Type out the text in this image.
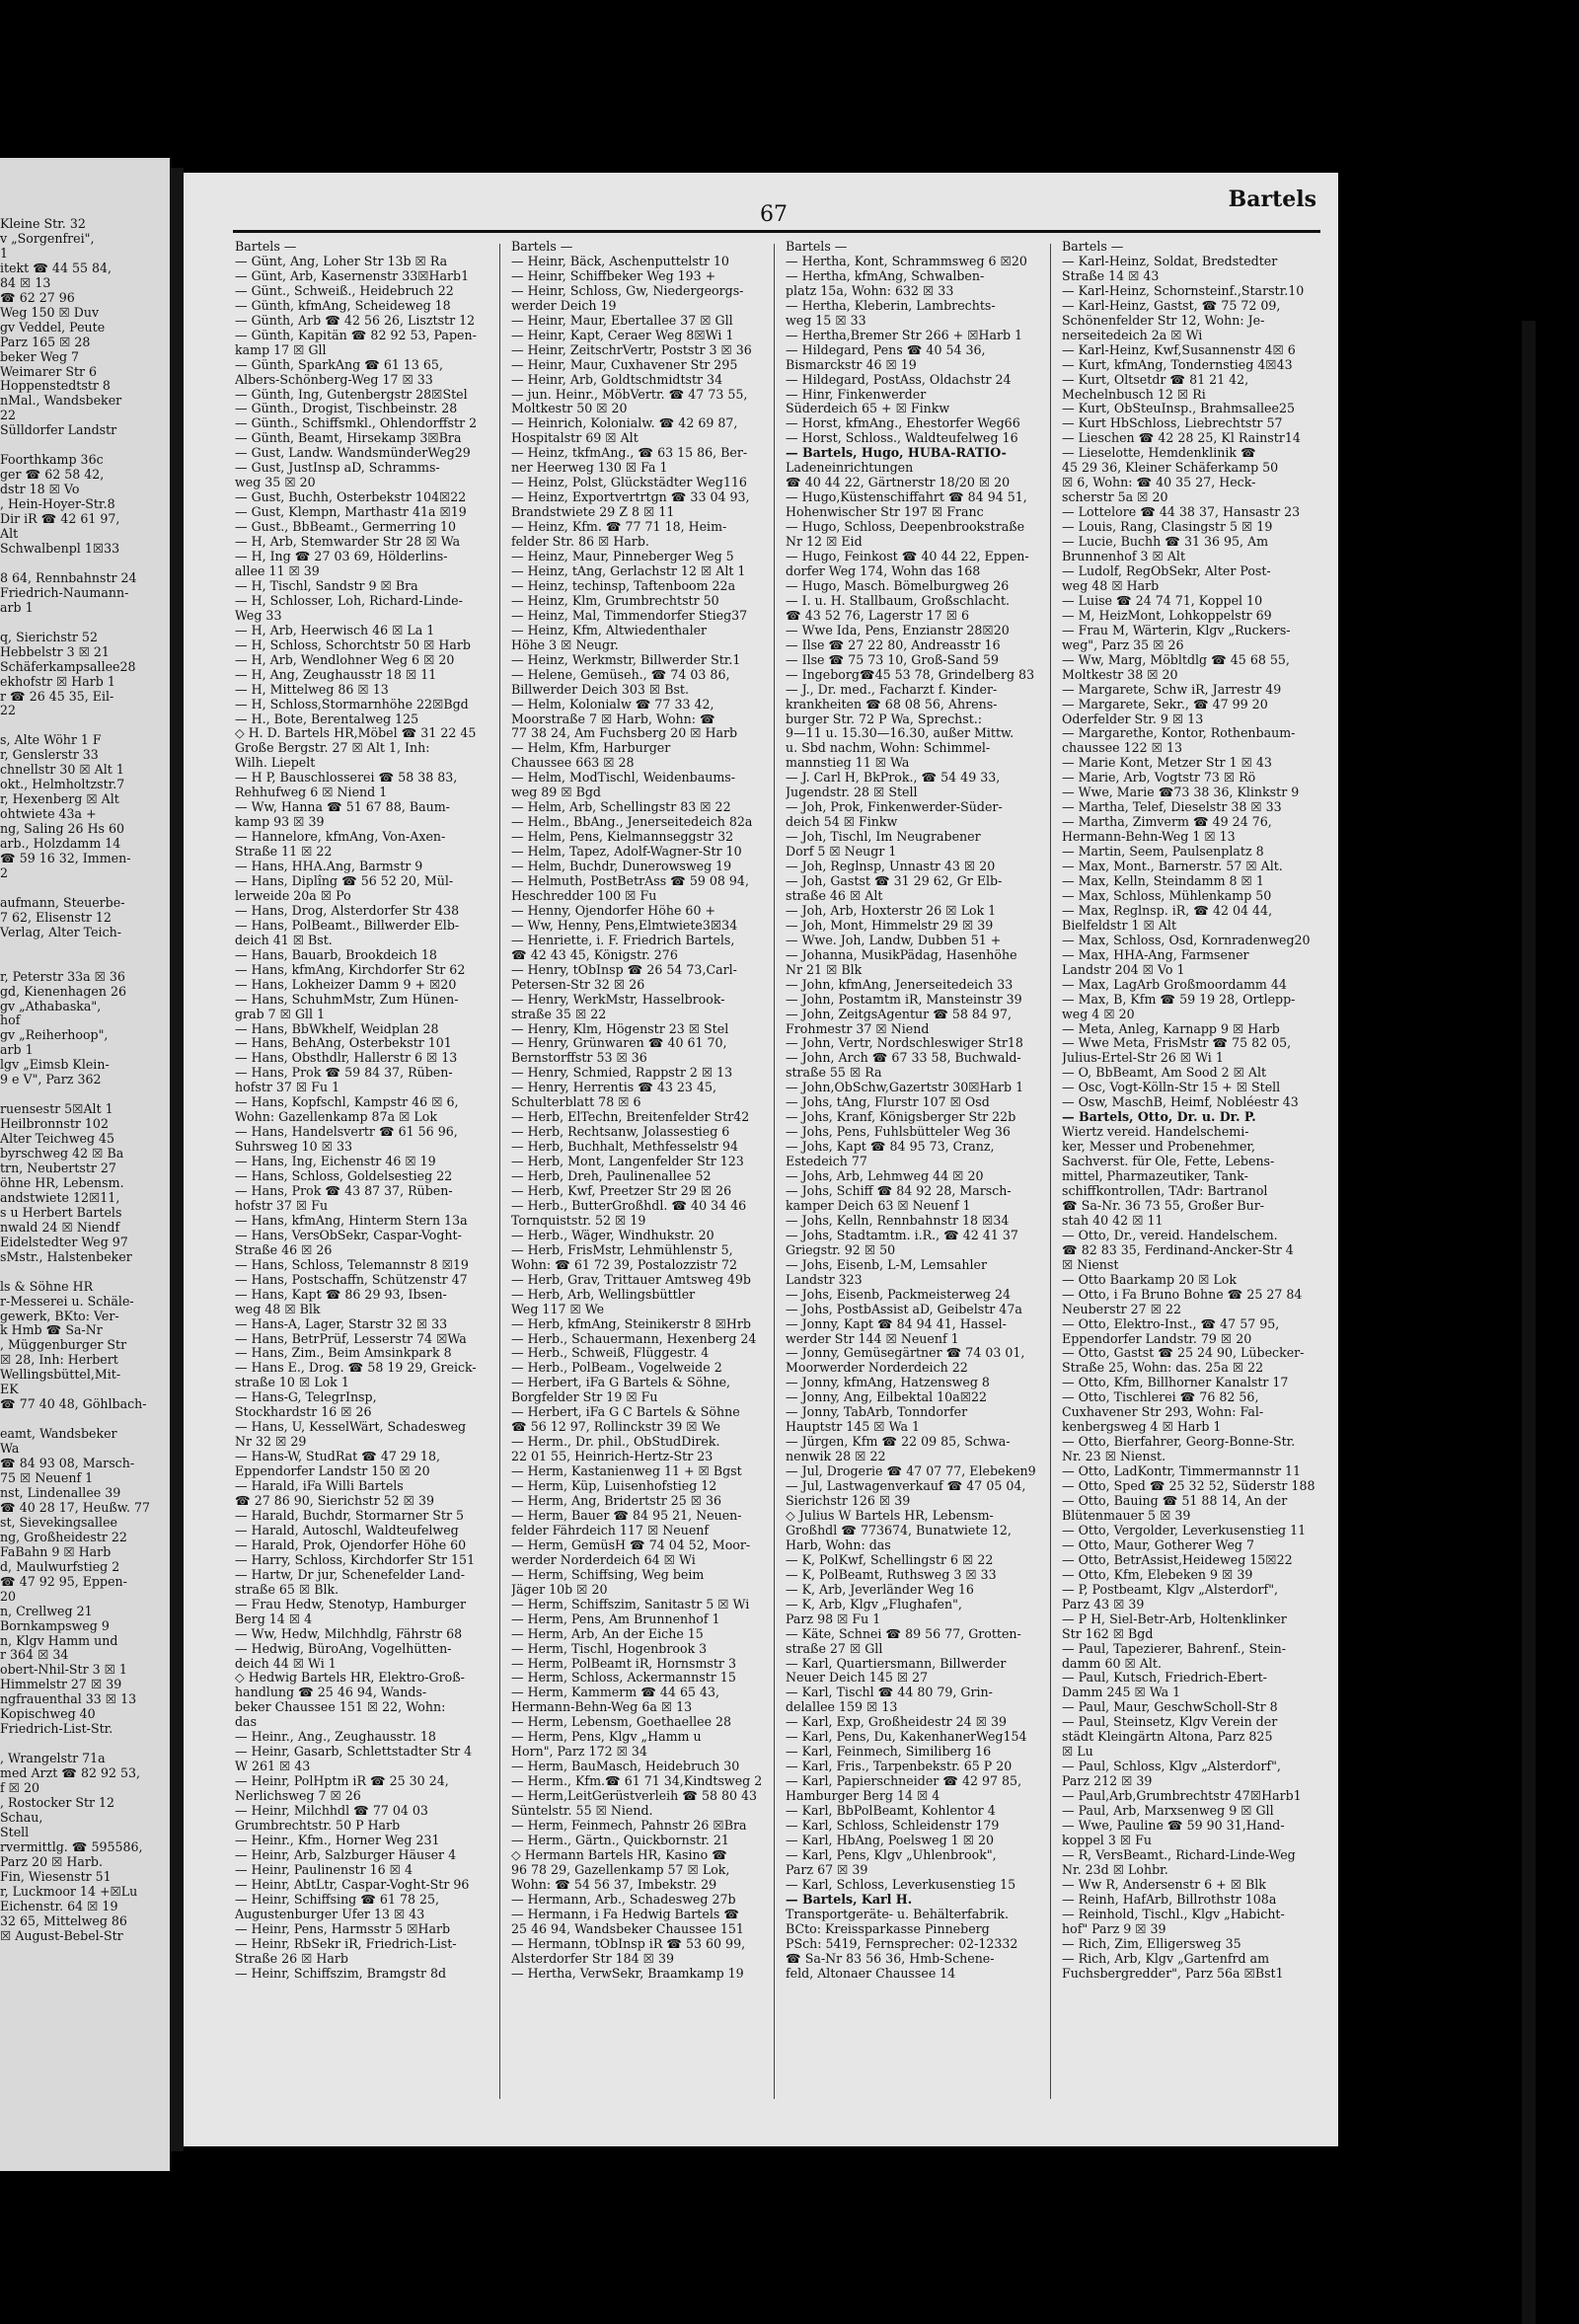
Kleine Str. 32
v „Sorgenfrei",
1
itekt ☎ 44 55 84,
84 ☒ 13
☎ 62 27 96
Weg 150 ☒ Duv
gv Veddel, Peute
Parz 165 ☒ 28
beker Weg 7
Weimarer Str 6
Hoppenstedtstr 8
nMal., Wandsbeker
22
Sülldorfer Landstr

Foorthkamp 36c
ger ☎ 62 58 42,
dstr 18 ☒ Vo
, Hein-Hoyer-Str.8
Dir iR ☎ 42 61 97,
Alt
Schwalbenpl 1☒33

8 64, Rennbahnstr 24
Friedrich-Naumann-
arb 1

q, Sierichstr 52
Hebbelstr 3 ☒ 21
Schäferkampsallee28
ekhofstr ☒ Harb 1
r ☎ 26 45 35, Eil-
22

s, Alte Wöhr 1 F
r, Genslerstr 33
chnellstr 30 ☒ Alt 1
okt., Helmholtzstr.7
r, Hexenberg ☒ Alt
ohtwiete 43a +
ng, Saling 26 Hs 60
arb., Holzdamm 14
☎ 59 16 32, Immen-
2

aufmann, Steuerbe-
7 62, Elisenstr 12
Verlag, Alter Teich-

r, Peterstr 33a ☒ 36
gd, Kienenhagen 26
gv „Athabaska",
hof
gv „Reiherhoop",
arb 1
lgv „Eimsb Klein-
9 e V", Parz 362

ruensestr 5☒Alt 1
Heilbronnstr 102
Alter Teichweg 45
byrschweg 42 ☒ Ba
trn, Neubertstr 27
öhne HR, Lebensm.
andstwiete 12☒11,
s u Herbert Bartels
nwald 24 ☒ Niendf
Eidelstedter Weg 97
sMstr., Halstenbeker

ls & Söhne HR
r-Messerei u. Schäle-
gewerk, BKto: Ver-
k Hmb ☎ Sa-Nr
, Müggenburger Str
☒ 28, Inh: Herbert
Wellingsbüttel,Mit-
EK
☎ 77 40 48, Göhlbach-

eamt, Wandsbeker
Wa
☎ 84 93 08, Marsch-
75 ☒ Neuenf 1
nst, Lindenallee 39
☎ 40 28 17, Heußw. 77
st, Sievekingsallee
ng, Großheidestr 22
FaBahn 9 ☒ Harb
d, Maulwurfstieg 2
☎ 47 92 95, Eppen-
20
n, Crellweg 21
Bornkampsweg 9
n, Klgv Hamm und
r 364 ☒ 34
obert-Nhil-Str 3 ☒ 1
Himmelstr 27 ☒ 39
ngfrauenthal 33 ☒ 13
Kopischweg 40
Friedrich-List-Str.

, Wrangelstr 71a
med Arzt ☎ 82 92 53,
f ☒ 20
, Rostocker Str 12
Schau,
Stell
rvermittlg. ☎ 595586,
Parz 20 ☒ Harb.
Fin, Wiesenstr 51
r, Luckmoor 14 +☒Lu
Eichenstr. 64 ☒ 19
32 65, Mittelweg 86
☒ August-Bebel-Str
67
Bartels
Bartels —
— Günt, Ang, Loher Str 13b ☒ Ra
— Günt, Arb, Kasernenstr 33☒Harb1
— Günt., Schweiß., Heidebruch 22
— Günth, kfmAng, Scheideweg 18
— Günth, Arb ☎ 42 56 26, Lisztstr 12
— Günth, Kapitän ☎ 82 92 53, Papen-
kamp 17 ☒ Gll
— Günth, SparkAng ☎ 61 13 65,
Albers-Schönberg-Weg 17 ☒ 33
— Günth, Ing, Gutenbergstr 28☒Stel
— Günth., Drogist, Tischbeinstr. 28
— Günth., Schiffsmkl., Ohlendorffstr 2
— Günth, Beamt, Hirsekamp 3☒Bra
— Gust, Landw. WandsmünderWeg29
— Gust, JustInsp aD, Schramms-
weg 35 ☒ 20
— Gust, Buchh, Osterbekstr 104☒22
— Gust, Klempn, Marthastr 41a ☒19
— Gust., BbBeamt., Germerring 10
— H, Arb, Stemwarder Str 28 ☒ Wa
— H, Ing ☎ 27 03 69, Hölderlins-
allee 11 ☒ 39
— H, Tischl, Sandstr 9 ☒ Bra
— H, Schlosser, Loh, Richard-Linde-
Weg 33
— H, Arb, Heerwisch 46 ☒ La 1
— H, Schloss, Schorchtstr 50 ☒ Harb
— H, Arb, Wendlohner Weg 6 ☒ 20
— H, Ang, Zeughausstr 18 ☒ 11
— H, Mittelweg 86 ☒ 13
— H, Schloss,Stormarnhöhe 22☒Bgd
— H., Bote, Berentalweg 125
◇ H. D. Bartels HR,Möbel ☎ 31 22 45
Große Bergstr. 27 ☒ Alt 1, Inh:
Wilh. Liepelt
— H P, Bauschlosserei ☎ 58 38 83,
Rehhufweg 6 ☒ Niend 1
— Ww, Hanna ☎ 51 67 88, Baum-
kamp 93 ☒ 39
— Hannelore, kfmAng, Von-Axen-
Straße 11 ☒ 22
— Hans, HHA.Ang, Barmstr 9
— Hans, Diplîng ☎ 56 52 20, Mül-
lerweide 20a ☒ Po
— Hans, Drog, Alsterdorfer Str 438
— Hans, PolBeamt., Billwerder Elb-
deich 41 ☒ Bst.
— Hans, Bauarb, Brookdeich 18
— Hans, kfmAng, Kirchdorfer Str 62
— Hans, Lokheizer Damm 9 + ☒20
— Hans, SchuhmMstr, Zum Hünen-
grab 7 ☒ Gll 1
— Hans, BbWkhelf, Weidplan 28
— Hans, BehAng, Osterbekstr 101
— Hans, Obsthdlr, Hallerstr 6 ☒ 13
— Hans, Prok ☎ 59 84 37, Rüben-
hofstr 37 ☒ Fu 1
— Hans, Kopfschl, Kampstr 46 ☒ 6,
Wohn: Gazellenkamp 87a ☒ Lok
— Hans, Handelsvertr ☎ 61 56 96,
Suhrsweg 10 ☒ 33
— Hans, Ing, Eichenstr 46 ☒ 19
— Hans, Schloss, Goldelsestieg 22
— Hans, Prok ☎ 43 87 37, Rüben-
hofstr 37 ☒ Fu
— Hans, kfmAng, Hinterm Stern 13a
— Hans, VersObSekr, Caspar-Voght-
Straße 46 ☒ 26
— Hans, Schloss, Telemannstr 8 ☒19
— Hans, Postschaffn, Schützenstr 47
— Hans, Kapt ☎ 86 29 93, Ibsen-
weg 48 ☒ Blk
— Hans-A, Lager, Starstr 32 ☒ 33
— Hans, BetrPrüf, Lesserstr 74 ☒Wa
— Hans, Zim., Beim Amsinkpark 8
— Hans E., Drog. ☎ 58 19 29, Greick-
straße 10 ☒ Lok 1
— Hans-G, TelegrInsp,
Stockhardstr 16 ☒ 26
— Hans, U, KesselWärt, Schadesweg
Nr 32 ☒ 29
— Hans-W, StudRat ☎ 47 29 18,
Eppendorfer Landstr 150 ☒ 20
— Harald, iFa Willi Bartels
☎ 27 86 90, Sierichstr 52 ☒ 39
— Harald, Buchdr, Stormarner Str 5
— Harald, Autoschl, Waldteufelweg
— Harald, Prok, Ojendorfer Höhe 60
— Harry, Schloss, Kirchdorfer Str 151
— Hartw, Dr jur, Schenefelder Land-
straße 65 ☒ Blk.
— Frau Hedw, Stenotyp, Hamburger
Berg 14 ☒ 4
— Ww, Hedw, Milchhdlg, Fährstr 68
— Hedwig, BüroAng, Vogelhütten-
deich 44 ☒ Wi 1
◇ Hedwig Bartels HR, Elektro-Groß-
handlung ☎ 25 46 94, Wands-
beker Chaussee 151 ☒ 22, Wohn:
das
— Heinr., Ang., Zeughausstr. 18
— Heinr, Gasarb, Schlettstadter Str 4
W 261 ☒ 43
— Heinr, PolHptm iR ☎ 25 30 24,
Nerlichsweg 7 ☒ 26
— Heinr, Milchhdl ☎ 77 04 03
Grumbrechtstr. 50 P Harb
— Heinr., Kfm., Horner Weg 231
— Heinr, Arb, Salzburger Häuser 4
— Heinr, Paulinenstr 16 ☒ 4
— Heinr, AbtLtr, Caspar-Voght-Str 96
— Heinr, Schiffsing ☎ 61 78 25,
Augustenburger Ufer 13 ☒ 43
— Heinr, Pens, Harmsstr 5 ☒Harb
— Heinr, RbSekr iR, Friedrich-List-
Straße 26 ☒ Harb
— Heinr, Schiffszim, Bramgstr 8d
Bartels —
— Heinr, Bäck, Aschenputtelstr 10
— Heinr, Schiffbeker Weg 193 +
— Heinr, Schloss, Gw, Niedergeorgs-
werder Deich 19
— Heinr, Maur, Ebertallee 37 ☒ Gll
— Heinr, Kapt, Ceraer Weg 8☒Wi 1
— Heinr, ZeitschrVertr, Poststr 3 ☒ 36
— Heinr, Maur, Cuxhavener Str 295
— Heinr, Arb, Goldtschmidtstr 34
— jun. Heinr., MöbVertr. ☎ 47 73 55,
Moltkestr 50 ☒ 20
— Heinrich, Kolonialw. ☎ 42 69 87,
Hospitalstr 69 ☒ Alt
— Heinz, tkfmAng., ☎ 63 15 86, Ber-
ner Heerweg 130 ☒ Fa 1
— Heinz, Polst, Glückstädter Weg116
— Heinz, Exportvertrtgn ☎ 33 04 93,
Brandstwiete 29 Z 8 ☒ 11
— Heinz, Kfm. ☎ 77 71 18, Heim-
felder Str. 86 ☒ Harb.
— Heinz, Maur, Pinneberger Weg 5
— Heinz, tAng, Gerlachstr 12 ☒ Alt 1
— Heinz, techinsp, Taftenboom 22a
— Heinz, Klm, Grumbrechtstr 50
— Heinz, Mal, Timmendorfer Stieg37
— Heinz, Kfm, Altwiedenthaler
Höhe 3 ☒ Neugr.
— Heinz, Werkmstr, Billwerder Str.1
— Helene, Gemüseh., ☎ 74 03 86,
Billwerder Deich 303 ☒ Bst.
— Helm, Kolonialw ☎ 77 33 42,
Moorstraße 7 ☒ Harb, Wohn: ☎
77 38 24, Am Fuchsberg 20 ☒ Harb
— Helm, Kfm, Harburger
Chaussee 663 ☒ 28
— Helm, ModTischl, Weidenbaums-
weg 89 ☒ Bgd
— Helm, Arb, Schellingstr 83 ☒ 22
— Helm., BbAng., Jenerseitedeich 82a
— Helm, Pens, Kielmannseggstr 32
— Helm, Tapez, Adolf-Wagner-Str 10
— Helm, Buchdr, Dunerowsweg 19
— Helmuth, PostBetrAss ☎ 59 08 94,
Heschredder 100 ☒ Fu
— Henny, Ojendorfer Höhe 60 +
— Ww, Henny, Pens,Elmtwiete3☒34
— Henriette, i. F. Friedrich Bartels,
☎ 42 43 45, Königstr. 276
— Henry, tObInsp ☎ 26 54 73,Carl-
Petersen-Str 32 ☒ 26
— Henry, WerkMstr, Hasselbrook-
straße 35 ☒ 22
— Henry, Klm, Högenstr 23 ☒ Stel
— Henry, Grünwaren ☎ 40 61 70,
Bernstorffstr 53 ☒ 36
— Henry, Schmied, Rappstr 2 ☒ 13
— Henry, Herrentis ☎ 43 23 45,
Schulterblatt 78 ☒ 6
— Herb, ElTechn, Breitenfelder Str42
— Herb, Rechtsanw, Jolassestieg 6
— Herb, Buchhalt, Methfesselstr 94
— Herb, Mont, Langenfelder Str 123
— Herb, Dreh, Paulinenallee 52
— Herb, Kwf, Preetzer Str 29 ☒ 26
— Herb., ButterGroßhdl. ☎ 40 34 46
Tornquiststr. 52 ☒ 19
— Herb., Wäger, Windhukstr. 20
— Herb, FrisMstr, Lehmühlenstr 5,
Wohn: ☎ 61 72 39, Postalozzistr 72
— Herb, Grav, Trittauer Amtsweg 49b
— Herb, Arb, Wellingsbüttler
Weg 117 ☒ We
— Herb, kfmAng, Steinikerstr 8 ☒Hrb
— Herb., Schauermann, Hexenberg 24
— Herb., Schweiß, Flüggestr. 4
— Herb., PolBeam., Vogelweide 2
— Herbert, iFa G Bartels & Söhne,
Borgfelder Str 19 ☒ Fu
— Herbert, iFa G C Bartels & Söhne
☎ 56 12 97, Rollinckstr 39 ☒ We
— Herm., Dr. phil., ObStudDirek.
22 01 55, Heinrich-Hertz-Str 23
— Herm, Kastanienweg 11 + ☒ Bgst
— Herm, Küp, Luisenhofstieg 12
— Herm, Ang, Bridertstr 25 ☒ 36
— Herm, Bauer ☎ 84 95 21, Neuen-
felder Fährdeich 117 ☒ Neuenf
— Herm, GemüsH ☎ 74 04 52, Moor-
werder Norderdeich 64 ☒ Wi
— Herm, Schiffsing, Weg beim
Jäger 10b ☒ 20
— Herm, Schiffszim, Sanitastr 5 ☒ Wi
— Herm, Pens, Am Brunnenhof 1
— Herm, Arb, An der Eiche 15
— Herm, Tischl, Hogenbrook 3
— Herm, PolBeamt iR, Hornsmstr 3
— Herm, Schloss, Ackermannstr 15
— Herm, Kammerm ☎ 44 65 43,
Hermann-Behn-Weg 6a ☒ 13
— Herm, Lebensm, Goethaellee 28
— Herm, Pens, Klgv „Hamm u
Horn", Parz 172 ☒ 34
— Herm, BauMasch, Heidebruch 30
— Herm., Kfm.☎ 61 71 34,Kindtsweg 2
— Herm,LeitGerüstverleih ☎ 58 80 43
Süntelstr. 55 ☒ Niend.
— Herm, Feinmech, Pahnstr 26 ☒Bra
— Herm., Gärtn., Quickbornstr. 21
◇ Hermann Bartels HR, Kasino ☎
96 78 29, Gazellenkamp 57 ☒ Lok,
Wohn: ☎ 54 56 37, Imbekstr. 29
— Hermann, Arb., Schadesweg 27b
— Hermann, i Fa Hedwig Bartels ☎
25 46 94, Wandsbeker Chaussee 151
— Hermann, tObInsp iR ☎ 53 60 99,
Alsterdorfer Str 184 ☒ 39
— Hertha, VerwSekr, Braamkamp 19
Bartels —
— Hertha, Kont, Schrammsweg 6 ☒20
— Hertha, kfmAng, Schwalben-
platz 15a, Wohn: 632 ☒ 33
— Hertha, Kleberin, Lambrechts-
weg 15 ☒ 33
— Hertha,Bremer Str 266 + ☒Harb 1
— Hildegard, Pens ☎ 40 54 36,
Bismarckstr 46 ☒ 19
— Hildegard, PostAss, Oldachstr 24
— Hinr, Finkenwerder
Süderdeich 65 + ☒ Finkw
— Horst, kfmAng., Ehestorfer Weg66
— Horst, Schloss., Waldteufelweg 16
— Bartels, Hugo, HUBA-RATIO-
Ladeneinrichtungen
☎ 40 44 22, Gärtnerstr 18/20 ☒ 20
— Hugo,Küstenschiffahrt ☎ 84 94 51,
Hohenwischer Str 197 ☒ Franc
— Hugo, Schloss, Deepenbrookstraße
Nr 12 ☒ Eid
— Hugo, Feinkost ☎ 40 44 22, Eppen-
dorfer Weg 174, Wohn das 168
— Hugo, Masch. Bömelburgweg 26
— I. u. H. Stallbaum, Großschlacht.
☎ 43 52 76, Lagerstr 17 ☒ 6
— Wwe Ida, Pens, Enzianstr 28☒20
— Ilse ☎ 27 22 80, Andreasstr 16
— Ilse ☎ 75 73 10, Groß-Sand 59
— Ingeborg☎45 53 78, Grindelberg 83
— J., Dr. med., Facharzt f. Kinder-
krankheiten ☎ 68 08 56, Ahrens-
burger Str. 72 P Wa, Sprechst.:
9—11 u. 15.30—16.30, außer Mittw.
u. Sbd nachm, Wohn: Schimmel-
mannstieg 11 ☒ Wa
— J. Carl H, BkProk., ☎ 54 49 33,
Jugendstr. 28 ☒ Stell
— Joh, Prok, Finkenwerder-Süder-
deich 54 ☒ Finkw
— Joh, Tischl, Im Neugrabener
Dorf 5 ☒ Neugr 1
— Joh, Reglnsp, Unnastr 43 ☒ 20
— Joh, Gastst ☎ 31 29 62, Gr Elb-
straße 46 ☒ Alt
— Joh, Arb, Hoxterstr 26 ☒ Lok 1
— Joh, Mont, Himmelstr 29 ☒ 39
— Wwe. Joh, Landw, Dubben 51 +
— Johanna, MusikPädag, Hasenhöhe
Nr 21 ☒ Blk
— John, kfmAng, Jenerseitedeich 33
— John, Postamtm iR, Mansteinstr 39
— John, ZeitgsAgentur ☎ 58 84 97,
Frohmestr 37 ☒ Niend
— John, Vertr, Nordschleswiger Str18
— John, Arch ☎ 67 33 58, Buchwald-
straße 55 ☒ Ra
— John,ObSchw,Gazertstr 30☒Harb 1
— Johs, tAng, Flurstr 107 ☒ Osd
— Johs, Kranf, Königsberger Str 22b
— Johs, Pens, Fuhlsbütteler Weg 36
— Johs, Kapt ☎ 84 95 73, Cranz,
Estedeich 77
— Johs, Arb, Lehmweg 44 ☒ 20
— Johs, Schiff ☎ 84 92 28, Marsch-
kamper Deich 63 ☒ Neuenf 1
— Johs, Kelln, Rennbahnstr 18 ☒34
— Johs, Stadtamtm. i.R., ☎ 42 41 37
Griegstr. 92 ☒ 50
— Johs, Eisenb, L-M, Lemsahler
Landstr 323
— Johs, Eisenb, Packmeisterweg 24
— Johs, PostbAssist aD, Geibelstr 47a
— Jonny, Kapt ☎ 84 94 41, Hassel-
werder Str 144 ☒ Neuenf 1
— Jonny, Gemüsegärtner ☎ 74 03 01,
Moorwerder Norderdeich 22
— Jonny, kfmAng, Hatzensweg 8
— Jonny, Ang, Eilbektal 10a☒22
— Jonny, TabArb, Tonndorfer
Hauptstr 145 ☒ Wa 1
— Jürgen, Kfm ☎ 22 09 85, Schwa-
nenwik 28 ☒ 22
— Jul, Drogerie ☎ 47 07 77, Elebeken9
— Jul, Lastwagenverkauf ☎ 47 05 04,
Sierichstr 126 ☒ 39
◇ Julius W Bartels HR, Lebensm-
Großhdl ☎ 773674, Bunatwiete 12,
Harb, Wohn: das
— K, PolKwf, Schellingstr 6 ☒ 22
— K, PolBeamt, Ruthsweg 3 ☒ 33
— K, Arb, Jeverländer Weg 16
— K, Arb, Klgv „Flughafen",
Parz 98 ☒ Fu 1
— Käte, Schnei ☎ 89 56 77, Grotten-
straße 27 ☒ Gll
— Karl, Quartiersmann, Billwerder
Neuer Deich 145 ☒ 27
— Karl, Tischl ☎ 44 80 79, Grin-
delallee 159 ☒ 13
— Karl, Exp, Großheidestr 24 ☒ 39
— Karl, Pens, Du, KakenhanerWeg154
— Karl, Feinmech, Similiberg 16
— Karl, Fris., Tarpenbekstr. 65 P 20
— Karl, Papierschneider ☎ 42 97 85,
Hamburger Berg 14 ☒ 4
— Karl, BbPolBeamt, Kohlentor 4
— Karl, Schloss, Schleidenstr 179
— Karl, HbAng, Poelsweg 1 ☒ 20
— Karl, Pens, Klgv „Uhlenbrook",
Parz 67 ☒ 39
— Karl, Schloss, Leverkusenstieg 15
— Bartels, Karl H.
Transportgeräte- u. Behälterfabrik.
BCto: Kreissparkasse Pinneberg
PSch: 5419, Fernsprecher: 02-12332
☎ Sa-Nr 83 56 36, Hmb-Schene-
feld, Altonaer Chaussee 14
Bartels —
— Karl-Heinz, Soldat, Bredstedter
Straße 14 ☒ 43
— Karl-Heinz, Schornsteinf.,Starstr.10
— Karl-Heinz, Gastst, ☎ 75 72 09,
Schönenfelder Str 12, Wohn: Je-
nerseitedeich 2a ☒ Wi
— Karl-Heinz, Kwf,Susannenstr 4☒ 6
— Kurt, kfmAng, Tondernstieg 4☒43
— Kurt, Oltsetdr ☎ 81 21 42,
Mechelnbusch 12 ☒ Ri
— Kurt, ObSteuInsp., Brahmsallee25
— Kurt HbSchloss, Liebrechtstr 57
— Lieschen ☎ 42 28 25, Kl Rainstr14
— Lieselotte, Hemdenklinik ☎
45 29 36, Kleiner Schäferkamp 50
☒ 6, Wohn: ☎ 40 35 27, Heck-
scherstr 5a ☒ 20
— Lottelore ☎ 44 38 37, Hansastr 23
— Louis, Rang, Clasingstr 5 ☒ 19
— Lucie, Buchh ☎ 31 36 95, Am
Brunnenhof 3 ☒ Alt
— Ludolf, RegObSekr, Alter Post-
weg 48 ☒ Harb
— Luise ☎ 24 74 71, Koppel 10
— M, HeizMont, Lohkoppelstr 69
— Frau M, Wärterin, Klgv „Ruckers-
weg", Parz 35 ☒ 26
— Ww, Marg, Möbltdlg ☎ 45 68 55,
Moltkestr 38 ☒ 20
— Margarete, Schw iR, Jarrestr 49
— Margarete, Sekr., ☎ 47 99 20
Oderfelder Str. 9 ☒ 13
— Margarethe, Kontor, Rothenbaum-
chaussee 122 ☒ 13
— Marie Kont, Metzer Str 1 ☒ 43
— Marie, Arb, Vogtstr 73 ☒ Rö
— Wwe, Marie ☎73 38 36, Klinkstr 9
— Martha, Telef, Dieselstr 38 ☒ 33
— Martha, Zimverm ☎ 49 24 76,
Hermann-Behn-Weg 1 ☒ 13
— Martin, Seem, Paulsenplatz 8
— Max, Mont., Barnerstr. 57 ☒ Alt.
— Max, Kelln, Steindamm 8 ☒ 1
— Max, Schloss, Mühlenkamp 50
— Max, Reglnsp. iR, ☎ 42 04 44,
Bielfeldstr 1 ☒ Alt
— Max, Schloss, Osd, Kornradenweg20
— Max, HHA-Ang, Farmsener
Landstr 204 ☒ Vo 1
— Max, LagArb Großmoordamm 44
— Max, B, Kfm ☎ 59 19 28, Ortlepp-
weg 4 ☒ 20
— Meta, Anleg, Karnapp 9 ☒ Harb
— Wwe Meta, FrisMstr ☎ 75 82 05,
Julius-Ertel-Str 26 ☒ Wi 1
— O, BbBeamt, Am Sood 2 ☒ Alt
— Osc, Vogt-Kölln-Str 15 + ☒ Stell
— Osw, MaschB, Heimf, Nobléestr 43
— Bartels, Otto, Dr. u. Dr. P.
Wiertz vereid. Handelschemi-
ker, Messer und Probenehmer,
Sachverst. für Öle, Fette, Lebens-
mittel, Pharmazeutiker, Tank-
schiffkontrollen, TAdr: Bartranol
☎ Sa-Nr. 36 73 55, Großer Bur-
stah 40 42 ☒ 11
— Otto, Dr., vereid. Handelschem.
☎ 82 83 35, Ferdinand-Ancker-Str 4
☒ Nienst
— Otto Baarkamp 20 ☒ Lok
— Otto, i Fa Bruno Bohne ☎ 25 27 84
Neuberstr 27 ☒ 22
— Otto, Elektro-Inst., ☎ 47 57 95,
Eppendorfer Landstr. 79 ☒ 20
— Otto, Gastst ☎ 25 24 90, Lübecker-
Straße 25, Wohn: das. 25a ☒ 22
— Otto, Kfm, Billhorner Kanalstr 17
— Otto, Tischlerei ☎ 76 82 56,
Cuxhavener Str 293, Wohn: Fal-
kenbergsweg 4 ☒ Harb 1
— Otto, Bierfahrer, Georg-Bonne-Str.
Nr. 23 ☒ Nienst.
— Otto, LadKontr, Timmermannstr 11
— Otto, Sped ☎ 25 32 52, Süderstr 188
— Otto, Bauing ☎ 51 88 14, An der
Blütenmauer 5 ☒ 39
— Otto, Vergolder, Leverkusenstieg 11
— Otto, Maur, Gotherer Weg 7
— Otto, BetrAssist,Heideweg 15☒22
— Otto, Kfm, Elebeken 9 ☒ 39
— P, Postbeamt, Klgv „Alsterdorf",
Parz 43 ☒ 39
— P H, Siel-Betr-Arb, Holtenklinker
Str 162 ☒ Bgd
— Paul, Tapezierer, Bahrenf., Stein-
damm 60 ☒ Alt.
— Paul, Kutsch, Friedrich-Ebert-
Damm 245 ☒ Wa 1
— Paul, Maur, GeschwScholl-Str 8
— Paul, Steinsetz, Klgv Verein der
städt Kleingärtn Altona, Parz 825
☒ Lu
— Paul, Schloss, Klgv „Alsterdorf",
Parz 212 ☒ 39
— Paul,Arb,Grumbrechtstr 47☒Harb1
— Paul, Arb, Marxsenweg 9 ☒ Gll
— Wwe, Pauline ☎ 59 90 31,Hand-
koppel 3 ☒ Fu
— R, VersBeamt., Richard-Linde-Weg
Nr. 23d ☒ Lohbr.
— Ww R, Andersenstr 6 + ☒ Blk
— Reinh, HafArb, Billrothstr 108a
— Reinhold, Tischl., Klgv „Habicht-
hof" Parz 9 ☒ 39
— Rich, Zim, Elligersweg 35
— Rich, Arb, Klgv „Gartenfrd am
Fuchsbergredder", Parz 56a ☒Bst1
